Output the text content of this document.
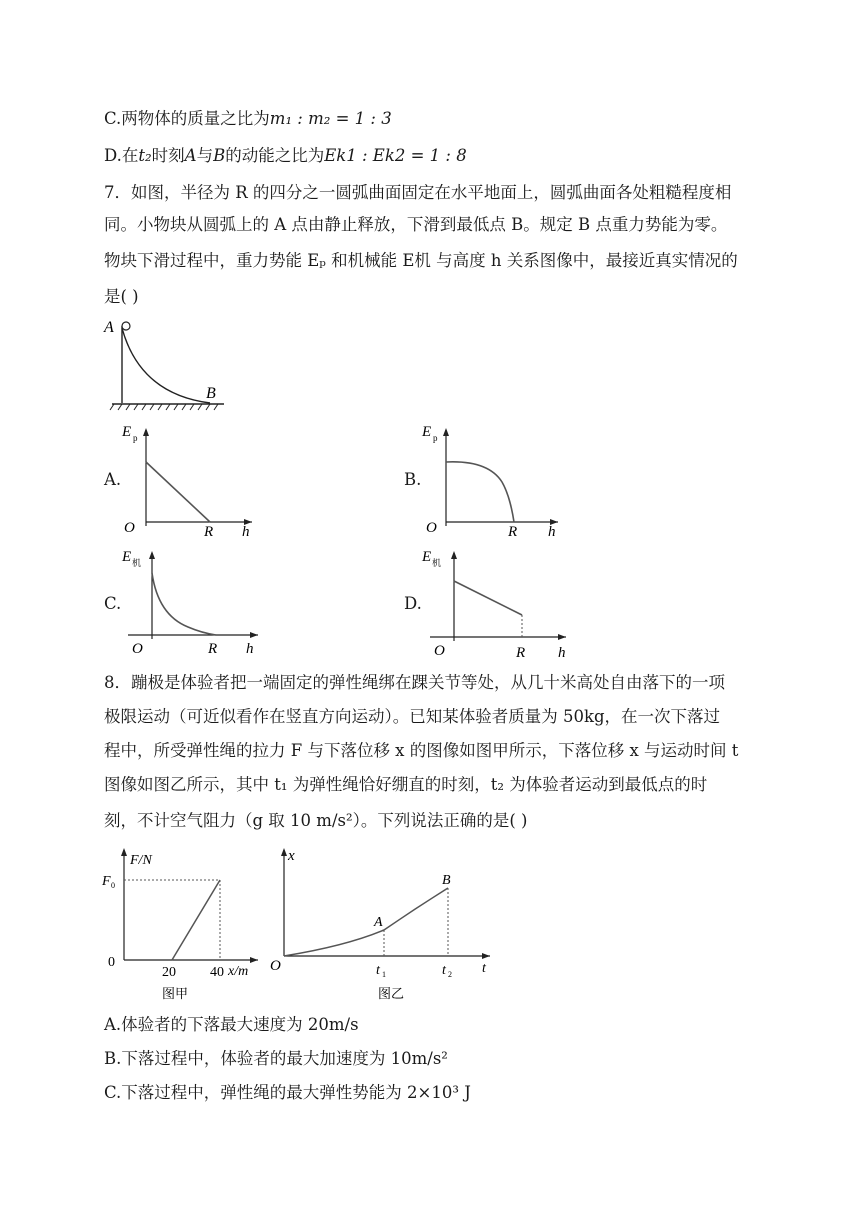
C.两物体的质量之比为m₁ : m₂ = 1 : 3
D.在t₂时刻A与B的动能之比为Ek1 : Ek2 = 1 : 8
7．如图，半径为 R 的四分之一圆弧曲面固定在水平地面上，圆弧曲面各处粗糙程度相
同。小物块从圆弧上的 A 点由静止释放，下滑到最低点 B。规定 B 点重力势能为零。
物块下滑过程中，重力势能 Eₚ 和机械能 E机 与高度 h 关系图像中，最接近真实情况的
是( )
A
B
A.
E p
O	R h
B.
E p
O	R h
C.
E 机
O	R h
D.
E 机
O	R h
8．蹦极是体验者把一端固定的弹性绳绑在踝关节等处，从几十米高处自由落下的一项
极限运动（可近似看作在竖直方向运动）。已知某体验者质量为 50kg，在一次下落过
程中，所受弹性绳的拉力 F 与下落位移 x 的图像如图甲所示，下落位移 x 与运动时间 t
图像如图乙所示，其中 t₁ 为弹性绳恰好绷直的时刻，t₂ 为体验者运动到最低点的时
刻，不计空气阻力（g 取 10 m/s²）。下列说法正确的是( )
F/N
F 0
0
20 40 x/m
图甲
x
O
A
B
t 1	t 2 t
图乙
A.体验者的下落最大速度为 20m/s
B.下落过程中，体验者的最大加速度为 10m/s²
C.下落过程中，弹性绳的最大弹性势能为 2×10³ J
